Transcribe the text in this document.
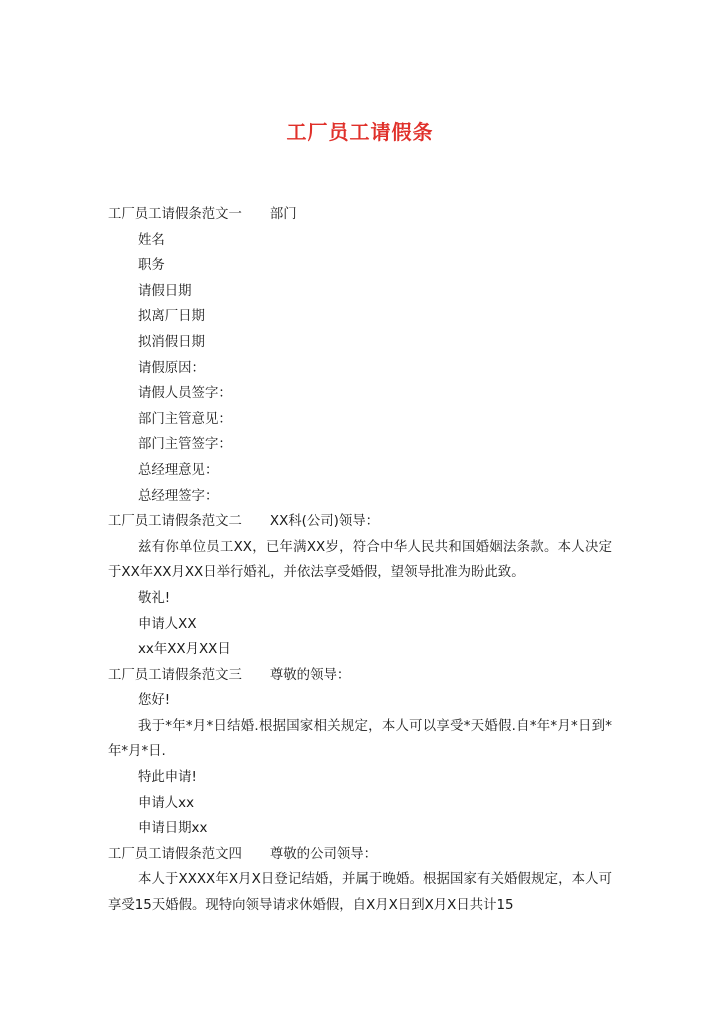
工厂员工请假条
工厂员工请假条范文一 部门
姓名
职务
请假日期
拟离厂日期
拟消假日期
请假原因：
请假人员签字：
部门主管意见：
部门主管签字：
总经理意见：
总经理签字：
工厂员工请假条范文二 XX科(公司)领导：
兹有你单位员工XX，已年满XX岁，符合中华人民共和国婚姻法条款。本人决定于XX年XX月XX日举行婚礼，并依法享受婚假，望领导批准为盼此致。
敬礼!
申请人XX
xx年XX月XX日
工厂员工请假条范文三 尊敬的领导：
您好!
我于*年*月*日结婚.根据国家相关规定，本人可以享受*天婚假.自*年*月*日到*年*月*日.
特此申请!
申请人xx
申请日期xx
工厂员工请假条范文四 尊敬的公司领导：
本人于XXXX年X月X日登记结婚，并属于晚婚。根据国家有关婚假规定，本人可享受15天婚假。现特向领导请求休婚假，自X月X日到X月X日共计15
